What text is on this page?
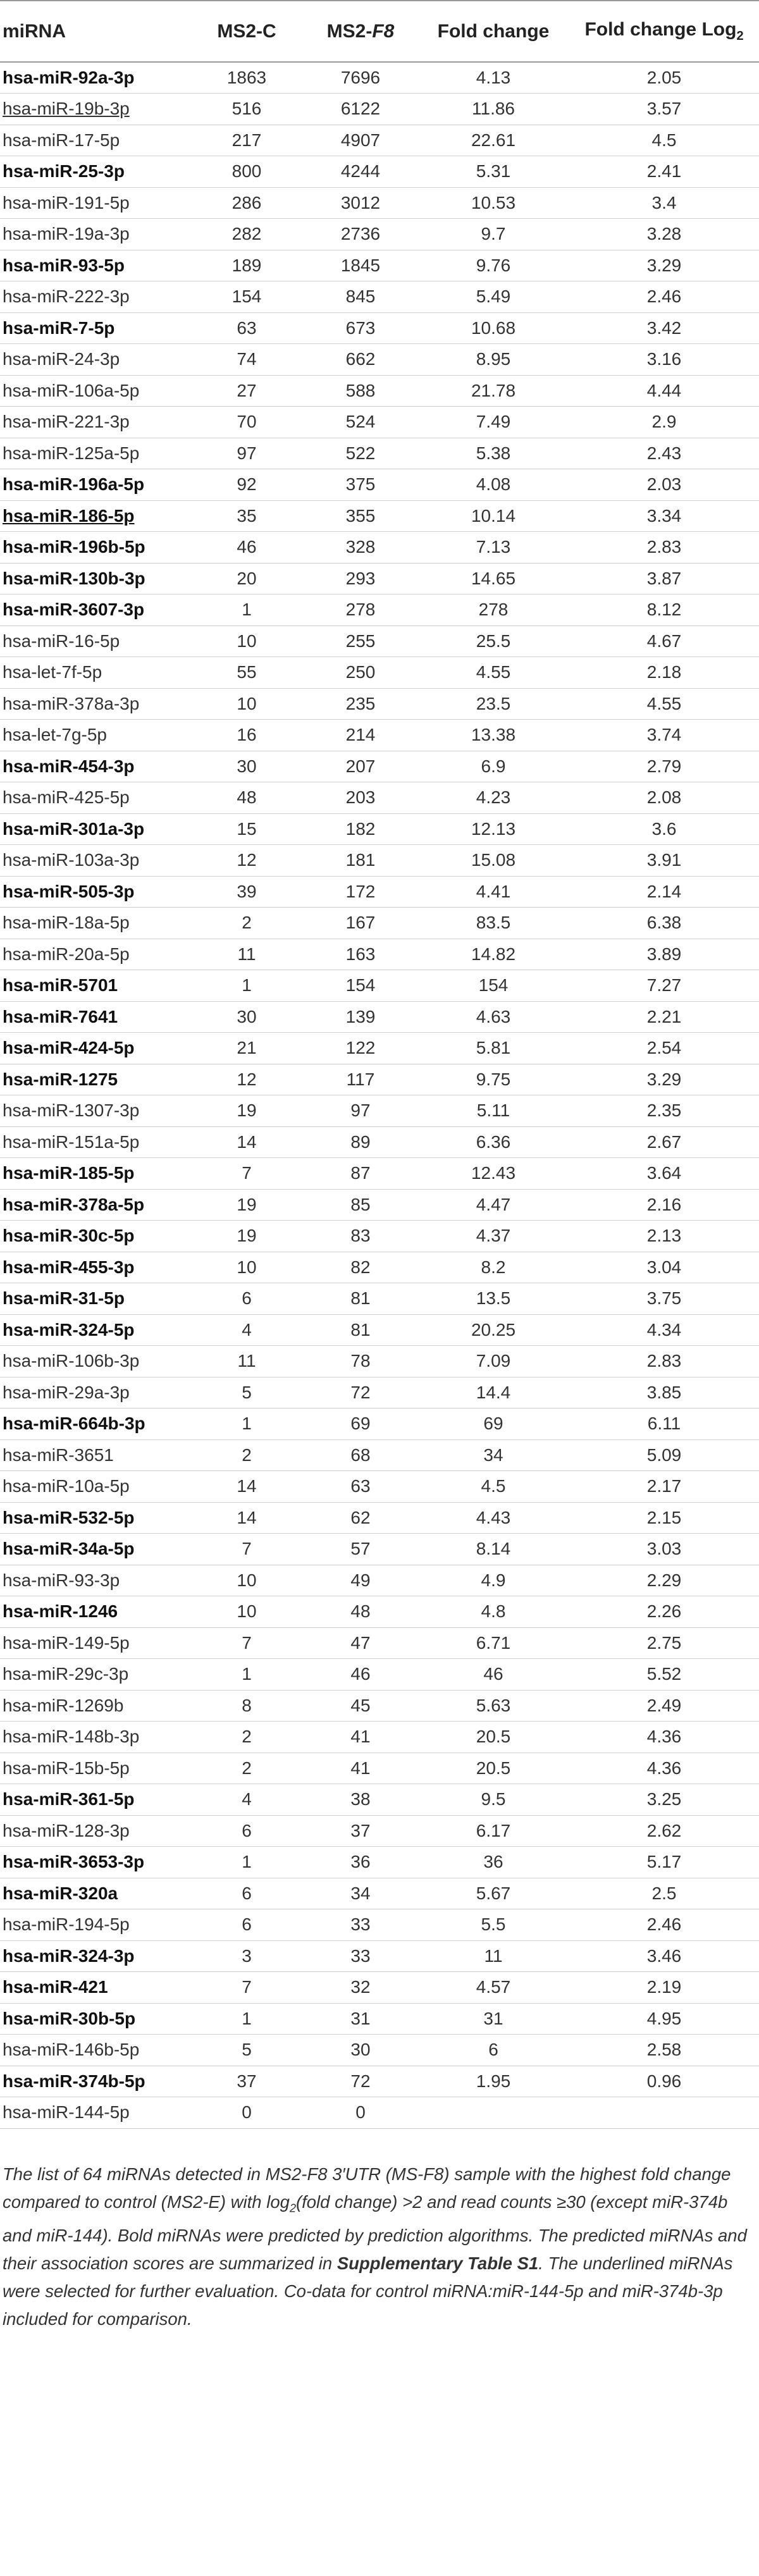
miRNA	MS2-C	MS2-F8	Fold change	Fold change Log$_2$
hsa-miR-92a-3p	1863	7696	4.13	2.05
hsa-miR-19b-3p	516	6122	11.86	3.57
hsa-miR-17-5p	217	4907	22.61	4.5
hsa-miR-25-3p	800	4244	5.31	2.41
hsa-miR-191-5p	286	3012	10.53	3.4
hsa-miR-19a-3p	282	2736	9.7	3.28
hsa-miR-93-5p	189	1845	9.76	3.29
hsa-miR-222-3p	154	845	5.49	2.46
hsa-miR-7-5p	63	673	10.68	3.42
hsa-miR-24-3p	74	662	8.95	3.16
hsa-miR-106a-5p	27	588	21.78	4.44
hsa-miR-221-3p	70	524	7.49	2.9
hsa-miR-125a-5p	97	522	5.38	2.43
hsa-miR-196a-5p	92	375	4.08	2.03
hsa-miR-186-5p	35	355	10.14	3.34
hsa-miR-196b-5p	46	328	7.13	2.83
hsa-miR-130b-3p	20	293	14.65	3.87
hsa-miR-3607-3p	1	278	278	8.12
hsa-miR-16-5p	10	255	25.5	4.67
hsa-let-7f-5p	55	250	4.55	2.18
hsa-miR-378a-3p	10	235	23.5	4.55
hsa-let-7g-5p	16	214	13.38	3.74
hsa-miR-454-3p	30	207	6.9	2.79
hsa-miR-425-5p	48	203	4.23	2.08
hsa-miR-301a-3p	15	182	12.13	3.6
hsa-miR-103a-3p	12	181	15.08	3.91
hsa-miR-505-3p	39	172	4.41	2.14
hsa-miR-18a-5p	2	167	83.5	6.38
hsa-miR-20a-5p	11	163	14.82	3.89
hsa-miR-5701	1	154	154	7.27
hsa-miR-7641	30	139	4.63	2.21
hsa-miR-424-5p	21	122	5.81	2.54
hsa-miR-1275	12	117	9.75	3.29
hsa-miR-1307-3p	19	97	5.11	2.35
hsa-miR-151a-5p	14	89	6.36	2.67
hsa-miR-185-5p	7	87	12.43	3.64
hsa-miR-378a-5p	19	85	4.47	2.16
hsa-miR-30c-5p	19	83	4.37	2.13
hsa-miR-455-3p	10	82	8.2	3.04
hsa-miR-31-5p	6	81	13.5	3.75
hsa-miR-324-5p	4	81	20.25	4.34
hsa-miR-106b-3p	11	78	7.09	2.83
hsa-miR-29a-3p	5	72	14.4	3.85
hsa-miR-664b-3p	1	69	69	6.11
hsa-miR-3651	2	68	34	5.09
hsa-miR-10a-5p	14	63	4.5	2.17
hsa-miR-532-5p	14	62	4.43	2.15
hsa-miR-34a-5p	7	57	8.14	3.03
hsa-miR-93-3p	10	49	4.9	2.29
hsa-miR-1246	10	48	4.8	2.26
hsa-miR-149-5p	7	47	6.71	2.75
hsa-miR-29c-3p	1	46	46	5.52
hsa-miR-1269b	8	45	5.63	2.49
hsa-miR-148b-3p	2	41	20.5	4.36
hsa-miR-15b-5p	2	41	20.5	4.36
hsa-miR-361-5p	4	38	9.5	3.25
hsa-miR-128-3p	6	37	6.17	2.62
hsa-miR-3653-3p	1	36	36	5.17
hsa-miR-320a	6	34	5.67	2.5
hsa-miR-194-5p	6	33	5.5	2.46
hsa-miR-324-3p	3	33	11	3.46
hsa-miR-421	7	32	4.57	2.19
hsa-miR-30b-5p	1	31	31	4.95
hsa-miR-146b-5p	5	30	6	2.58
hsa-miR-374b-5p	37	72	1.95	0.96
hsa-miR-144-5p	0	0		
The list of 64 miRNAs detected in MS2-F8 3′UTR (MS-F8) sample with the highest fold change compared to control (MS2-E) with $\log_2(fold$ change) >2 and read counts ≥30 (except miR-374b and miR-144). Bold miRNAs were predicted by prediction algorithms. The predicted miRNAs and their association scores are summarized in Supplementary Table S1. The underlined miRNAs were selected for further evaluation. Co-data for control miRNA:miR-144-5p and miR-374b-3p included for comparison.
